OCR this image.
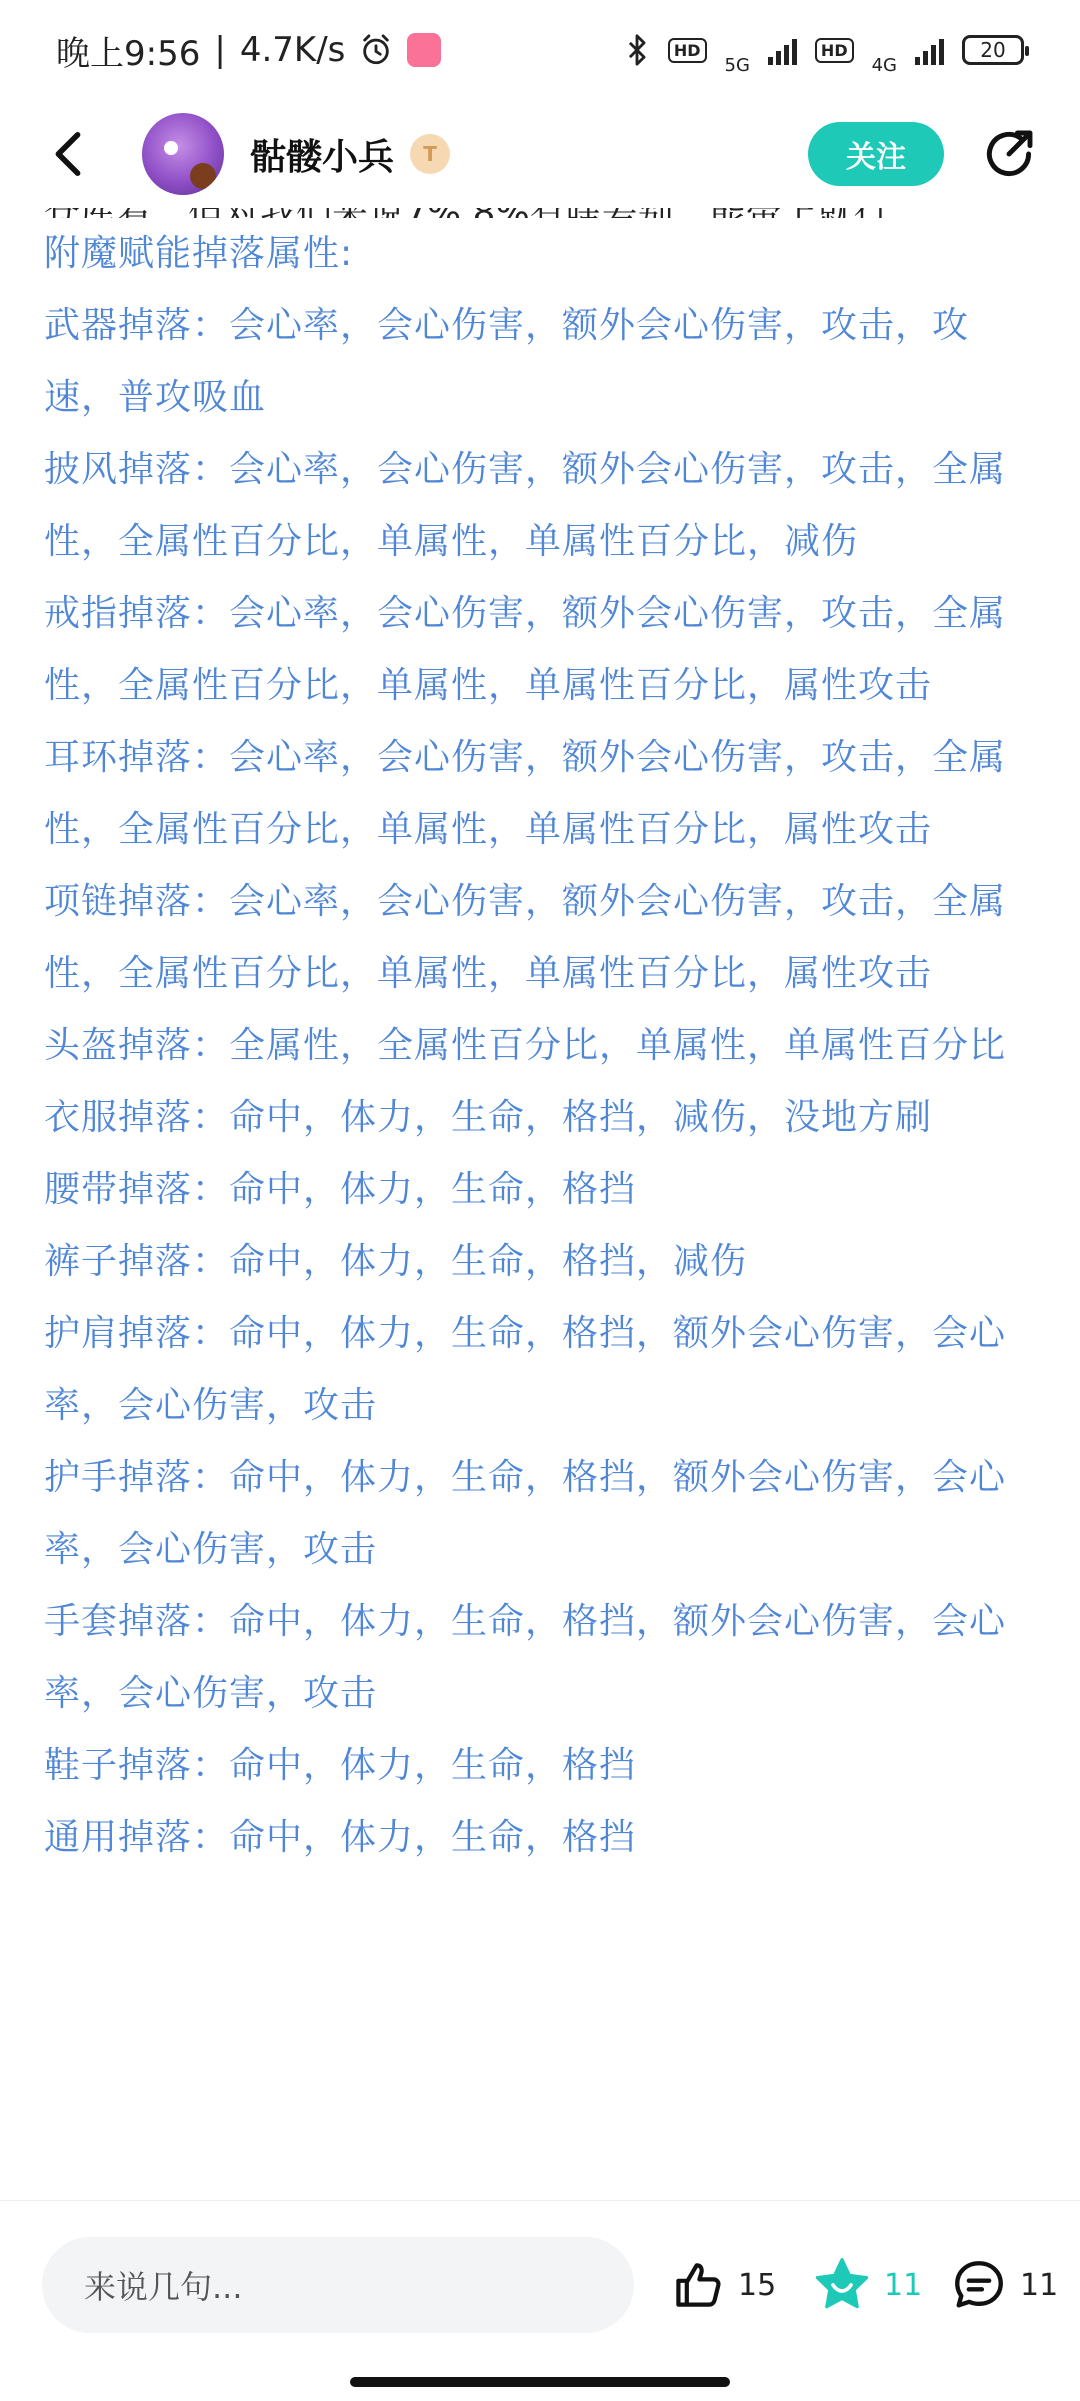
晚上9:56 | 4.7K/s	HD
5G
HD
4G
20
骷髅小兵	T	关注

附魔赋能掉落属性:

武器掉落：会心率，会心伤害，额外会心伤害，攻击，攻速，普攻吸血

披风掉落：会心率，会心伤害，额外会心伤害，攻击，全属性，全属性百分比，单属性，单属性百分比，减伤

戒指掉落：会心率，会心伤害，额外会心伤害，攻击，全属性，全属性百分比，单属性，单属性百分比，属性攻击

耳环掉落：会心率，会心伤害，额外会心伤害，攻击，全属性，全属性百分比，单属性，单属性百分比，属性攻击

项链掉落：会心率，会心伤害，额外会心伤害，攻击，全属性，全属性百分比，单属性，单属性百分比，属性攻击

头盔掉落：全属性，全属性百分比，单属性，单属性百分比

衣服掉落：命中，体力，生命，格挡，减伤，没地方刷

腰带掉落：命中，体力，生命，格挡

裤子掉落：命中，体力，生命，格挡，减伤

护肩掉落：命中，体力，生命，格挡，额外会心伤害，会心率，会心伤害，攻击

护手掉落：命中，体力，生命，格挡，额外会心伤害，会心率，会心伤害，攻击

手套掉落：命中，体力，生命，格挡，额外会心伤害，会心率，会心伤害，攻击

鞋子掉落：命中，体力，生命，格挡

通用掉落：命中，体力，生命，格挡

来说几句...	15	11	11
